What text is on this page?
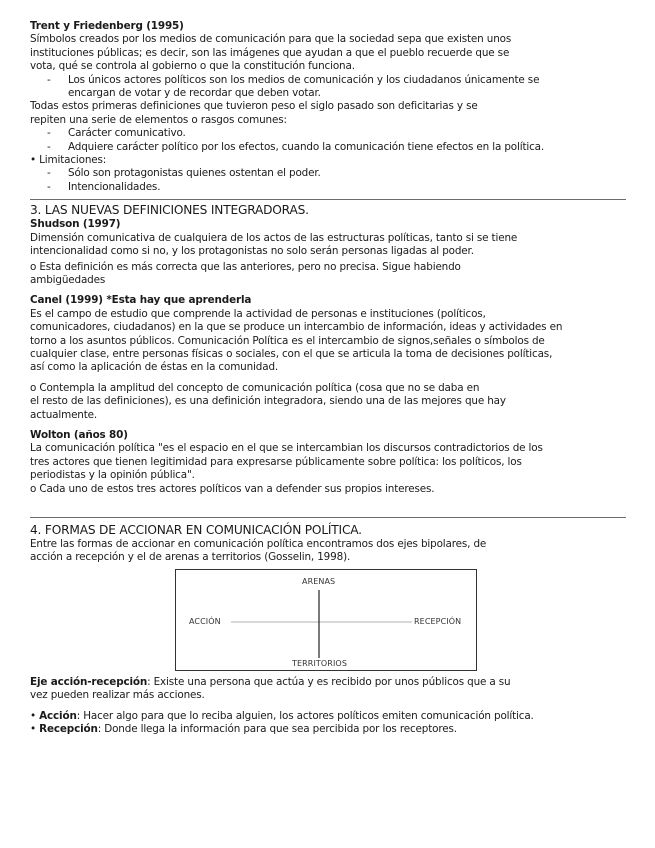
Trent y Friedenberg (1995)
Símbolos creados por los medios de comunicación para que la sociedad sepa que existen unos
instituciones públicas; es decir, son las imágenes que ayudan a que el pueblo recuerde que se
vota, qué se controla al gobierno o que la constitución funciona.
- Los únicos actores políticos son los medios de comunicación y los ciudadanos únicamente se
encargan de votar y de recordar que deben votar.
Todas estos primeras definiciones que tuvieron peso el siglo pasado son deficitarias y se
repiten una serie de elementos o rasgos comunes:
- Carácter comunicativo.
- Adquiere carácter político por los efectos, cuando la comunicación tiene efectos en la política.
• Limitaciones:
- Sólo son protagonistas quienes ostentan el poder.
- Intencionalidades.
3. LAS NUEVAS DEFINICIONES INTEGRADORAS.
Shudson (1997)
Dimensión comunicativa de cualquiera de los actos de las estructuras políticas, tanto si se tiene
intencionalidad como si no, y los protagonistas no solo serán personas ligadas al poder.
o Esta definición es más correcta que las anteriores, pero no precisa. Sigue habiendo
ambigüedades
Canel (1999) *Esta hay que aprenderla
Es el campo de estudio que comprende la actividad de personas e instituciones (políticos,
comunicadores, ciudadanos) en la que se produce un intercambio de información, ideas y actividades en
torno a los asuntos públicos. Comunicación Política es el intercambio de signos,señales o símbolos de
cualquier clase, entre personas físicas o sociales, con el que se articula la toma de decisiones políticas,
así como la aplicación de éstas en la comunidad.
o Contempla la amplitud del concepto de comunicación política (cosa que no se daba en
el resto de las definiciones), es una definición integradora, siendo una de las mejores que hay
actualmente.
Wolton (años 80)
La comunicación política "es el espacio en el que se intercambian los discursos contradictorios de los
tres actores que tienen legitimidad para expresarse públicamente sobre política: los políticos, los
periodistas y la opinión pública".
o Cada uno de estos tres actores políticos van a defender sus propios intereses.
4. FORMAS DE ACCIONAR EN COMUNICACIÓN POLÍTICA.
Entre las formas de accionar en comunicación política encontramos dos ejes bipolares, de
acción a recepción y el de arenas a territorios (Gosselin, 1998).
ARENAS
ACCIÓN	RECEPCIÓN
TERRITORIOS
Eje acción-recepción: Existe una persona que actúa y es recibido por unos públicos que a su
vez pueden realizar más acciones.
• Acción: Hacer algo para que lo reciba alguien, los actores políticos emiten comunicación política.
• Recepción: Donde llega la información para que sea percibida por los receptores.
